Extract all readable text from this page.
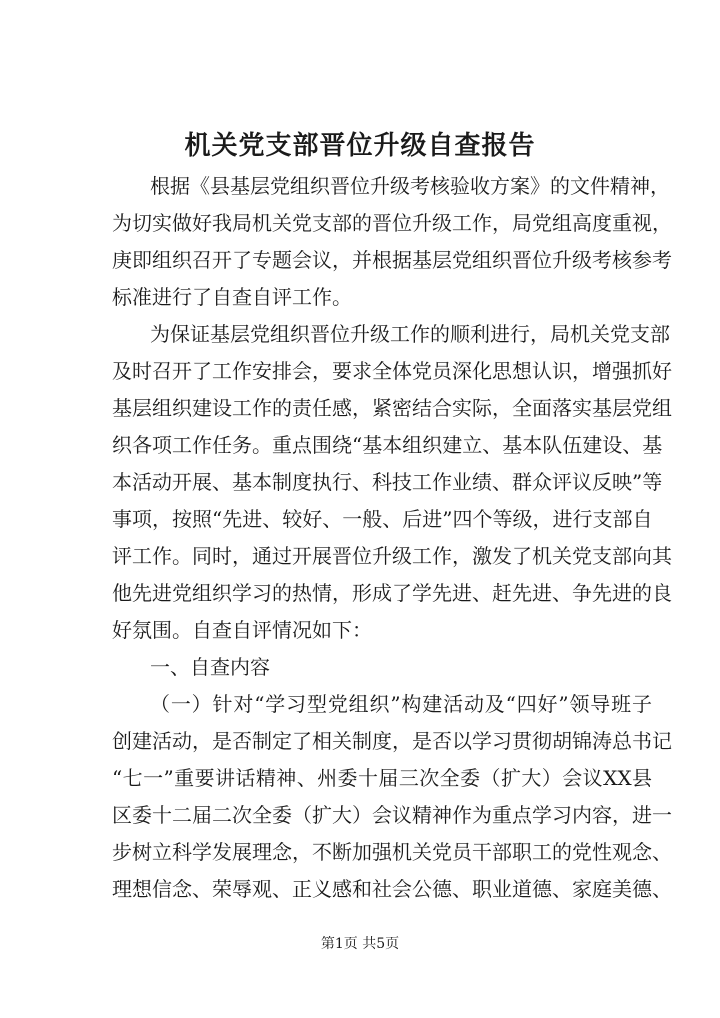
机关党支部晋位升级自查报告
根据《县基层党组织晋位升级考核验收方案》的文件精神，
为切实做好我局机关党支部的晋位升级工作，局党组高度重视，
庚即组织召开了专题会议，并根据基层党组织晋位升级考核参考
标准进行了自查自评工作。
为保证基层党组织晋位升级工作的顺利进行，局机关党支部
及时召开了工作安排会，要求全体党员深化思想认识，增强抓好
基层组织建设工作的责任感，紧密结合实际，全面落实基层党组
织各项工作任务。重点围绕“基本组织建立、基本队伍建设、基
本活动开展、基本制度执行、科技工作业绩、群众评议反映”等
事项，按照“先进、较好、一般、后进”四个等级，进行支部自
评工作。同时，通过开展晋位升级工作，激发了机关党支部向其
他先进党组织学习的热情，形成了学先进、赶先进、争先进的良
好氛围。自查自评情况如下：
一、自查内容
（一）针对“学习型党组织”构建活动及“四好”领导班子
创建活动，是否制定了相关制度，是否以学习贯彻胡锦涛总书记
“七一”重要讲话精神、州委十届三次全委（扩大）会议XX县
区委十二届二次全委（扩大）会议精神作为重点学习内容，进一
步树立科学发展理念，不断加强机关党员干部职工的党性观念、
理想信念、荣辱观、正义感和社会公德、职业道德、家庭美德、
第1页 共5页
